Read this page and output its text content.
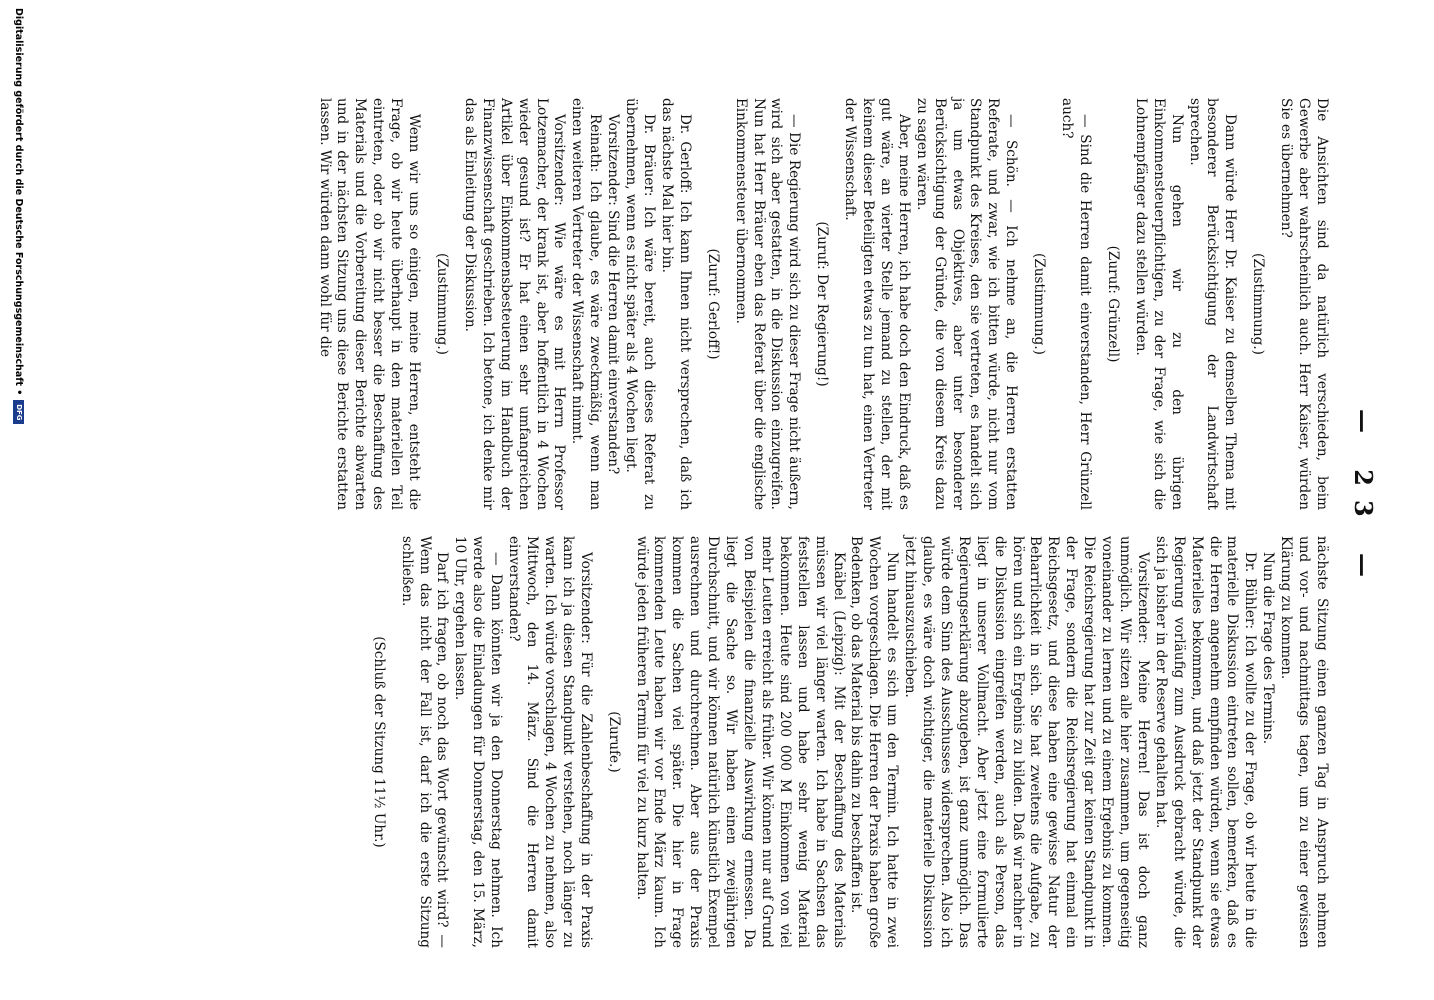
— 23 —

Die Ansichten sind da natürlich verschieden, beim Gewerbe aber wahrscheinlich auch. Herr Kaiser, würden Sie es übernehmen?

(Zustimmung.)

Dann würde Herr Dr. Kaiser zu demselben Thema mit besonderer Berücksichtigung der Landwirtschaft sprechen.

Nun gehen wir zu den übrigen Einkommensteuerpflichtigen, zu der Frage, wie sich die Lohnempfänger dazu stellen würden.

(Zuruf: Grünzell)

— Sind die Herren damit einverstanden, Herr Grünzell auch?

(Zustimmung.)

— Schön. — Ich nehme an, die Herren erstatten Referate, und zwar, wie ich bitten würde, nicht nur vom Standpunkt des Kreises, den sie vertreten, es handelt sich ja um etwas Objektives, aber unter besonderer Berücksichtigung der Gründe, die von diesem Kreis dazu zu sagen wären.

Aber, meine Herren, ich habe doch den Eindruck, daß es gut wäre, an vierter Stelle jemand zu stellen, der mit keinem dieser Beteiligten etwas zu tun hat, einen Vertreter der Wissenschaft.

(Zuruf: Der Regierung!)

— Die Regierung wird sich zu dieser Frage nicht äußern, wird sich aber gestatten, in die Diskussion einzugreifen. Nun hat Herr Bräuer eben das Referat über die englische Einkommensteuer übernommen.

(Zuruf: Gerloff!)

Dr. Gerloff: Ich kann Ihnen nicht versprechen, daß ich das nächste Mal hier bin.

Dr. Bräuer: Ich wäre bereit, auch dieses Referat zu übernehmen, wenn es nicht später als 4 Wochen liegt.

Vorsitzender: Sind die Herren damit einverstanden?

Reinath: Ich glaube, es wäre zweckmäßig, wenn man einen weiteren Vertreter der Wissenschaft nimmt.

Vorsitzender: Wie wäre es mit Herrn Professor Lotzemacher, der krank ist, aber hoffentlich in 4 Wochen wieder gesund ist? Er hat einen sehr umfangreichen Artikel über Einkommensbesteuerung im Handbuch der Finanzwissenschaft geschrieben. Ich betone, ich denke mir das als Einleitung der Diskussion.

(Zustimmung.)

Wenn wir uns so einigen, meine Herren, entsteht die Frage, ob wir heute überhaupt in den materiellen Teil eintreten, oder ob wir nicht besser die Beschaffung des Materials und die Vorbereitung dieser Berichte abwarten und in der nächsten Sitzung uns diese Berichte erstatten lassen. Wir würden dann wohl für die

nächste Sitzung einen ganzen Tag in Anspruch nehmen und vor- und nachmittags tagen, um zu einer gewissen Klärung zu kommen.

Nun die Frage des Termins.

Dr. Bühler: Ich wollte zu der Frage, ob wir heute in die materielle Diskussion eintreten sollen, bemerken, daß es die Herren angenehm empfinden würden, wenn sie etwas Materielles bekommen, und daß jetzt der Standpunkt der Regierung vorläufig zum Ausdruck gebracht würde, die sich ja bisher in der Reserve gehalten hat.

Vorsitzender: Meine Herren! Das ist doch ganz unmöglich. Wir sitzen alle hier zusammen, um gegenseitig voneinander zu lernen und zu einem Ergebnis zu kommen. Die Reichsregierung hat zur Zeit gar keinen Standpunkt in der Frage, sondern die Reichsregierung hat einmal ein Reichsgesetz, und diese haben eine gewisse Natur der Beharrlichkeit in sich. Sie hat zweitens die Aufgabe, zu hören und sich ein Ergebnis zu bilden. Daß wir nachher in die Diskussion eingreifen werden, auch als Person, das liegt in unserer Vollmacht. Aber jetzt eine formulierte Regierungserklärung abzugeben, ist ganz unmöglich. Das würde dem Sinn des Ausschusses widersprechen. Also ich glaube, es wäre doch wichtiger, die materielle Diskussion jetzt hinauszuschieben.

Nun handelt es sich um den Termin. Ich hatte in zwei Wochen vorgeschlagen. Die Herren der Praxis haben große Bedenken, ob das Material bis dahin zu beschaffen ist.

Knäbel (Leipzig): Mit der Beschaffung des Materials müssen wir viel länger warten. Ich habe in Sachsen das feststellen lassen und habe sehr wenig Material bekommen. Heute sind 200 000 M Einkommen von viel mehr Leuten erreicht als früher. Wir können nur auf Grund von Beispielen die finanzielle Auswirkung ermessen. Da liegt die Sache so. Wir haben einen zweijährigen Durchschnitt, und wir können natürlich künstlich Exempel ausrechnen und durchrechnen. Aber aus der Praxis kommen die Sachen viel später. Die hier in Frage kommenden Leute haben wir vor Ende März kaum. Ich würde jeden früheren Termin für viel zu kurz halten.

(Zurufe.)

Vorsitzender: Für die Zahlenbeschaffung in der Praxis kann ich ja diesen Standpunkt verstehen, noch länger zu warten. Ich würde vorschlagen, 4 Wochen zu nehmen, also Mittwoch, den 14. März. Sind die Herren damit einverstanden?

— Dann könnten wir ja den Donnerstag nehmen. Ich werde also die Einladungen für Donnerstag, den 15. März, 10 Uhr, ergehen lassen.

Darf ich fragen, ob noch das Wort gewünscht wird? — Wenn das nicht der Fall ist, darf ich die erste Sitzung schließen.

(Schluß der Sitzung 11½ Uhr.)

Digitalisierung gefördert durch die Deutsche Forschungsgemeinschaft •
DFG
